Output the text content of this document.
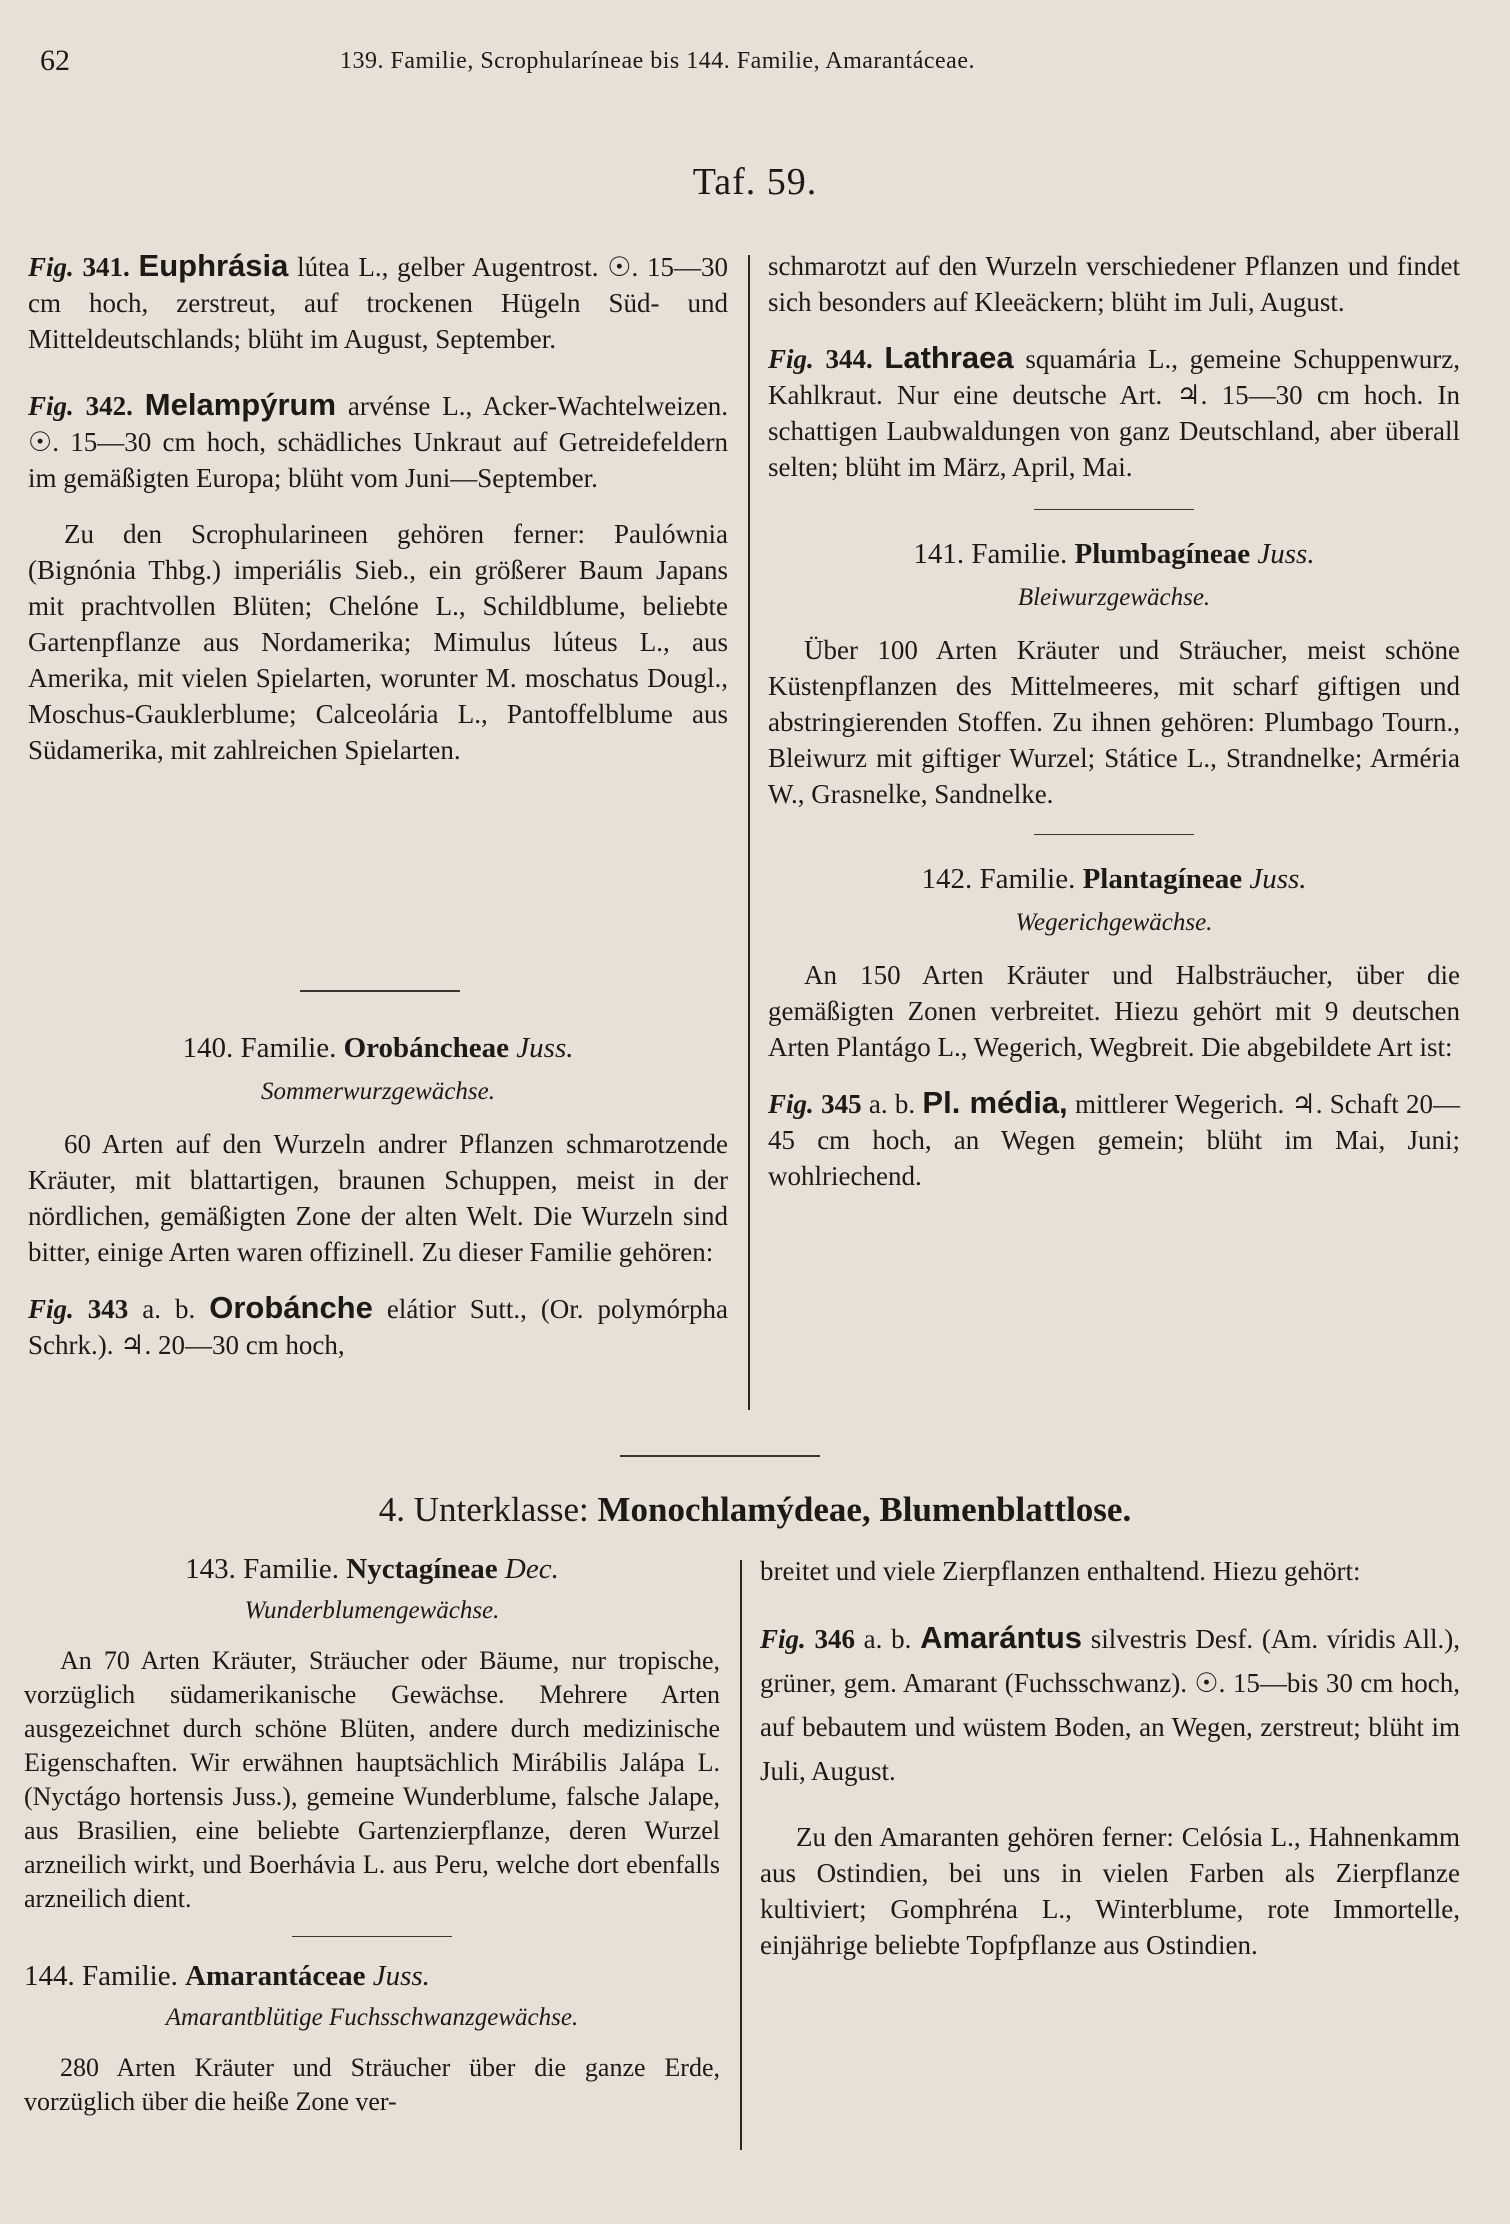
62	139. Familie, Scrophularíneae bis 144. Familie, Amarantáceae.
Taf. 59.

Fig. 341. Euphrásia lútea L., gelber Augentrost. ☉. 15—30 cm hoch, zerstreut, auf trockenen Hügeln Süd- und Mitteldeutschlands; blüht im August, September.

Fig. 342. Melampýrum arvénse L., Acker-Wachtelweizen. ☉. 15—30 cm hoch, schädliches Unkraut auf Getreidefeldern im gemäßigten Europa; blüht vom Juni—September.

Zu den Scrophularineen gehören ferner: Paulównia (Bignónia Thbg.) imperiális Sieb., ein größerer Baum Japans mit prachtvollen Blüten; Chelóne L., Schildblume, beliebte Gartenpflanze aus Nordamerika; Mimulus lúteus L., aus Amerika, mit vielen Spielarten, worunter M. moschatus Dougl., Moschus-Gauklerblume; Calceolária L., Pantoffelblume aus Südamerika, mit zahlreichen Spielarten.

140. Familie. Orobáncheae Juss.
Sommerwurzgewächse.

60 Arten auf den Wurzeln andrer Pflanzen schmarotzende Kräuter, mit blattartigen, braunen Schuppen, meist in der nördlichen, gemäßigten Zone der alten Welt. Die Wurzeln sind bitter, einige Arten waren offizinell. Zu dieser Familie gehören:

Fig. 343 a. b. Orobánche elátior Sutt., (Or. polymórpha Schrk.). ♃. 20—30 cm hoch,

schmarotzt auf den Wurzeln verschiedener Pflanzen und findet sich besonders auf Kleeäckern; blüht im Juli, August.

Fig. 344. Lathraea squamária L., gemeine Schuppenwurz, Kahlkraut. Nur eine deutsche Art. ♃. 15—30 cm hoch. In schattigen Laubwaldungen von ganz Deutschland, aber überall selten; blüht im März, April, Mai.

141. Familie. Plumbagíneae Juss.
Bleiwurzgewächse.

Über 100 Arten Kräuter und Sträucher, meist schöne Küstenpflanzen des Mittelmeeres, mit scharf giftigen und abstringierenden Stoffen. Zu ihnen gehören: Plumbago Tourn., Bleiwurz mit giftiger Wurzel; Státice L., Strandnelke; Arméria W., Grasnelke, Sandnelke.

142. Familie. Plantagíneae Juss.
Wegerichgewächse.

An 150 Arten Kräuter und Halbsträucher, über die gemäßigten Zonen verbreitet. Hiezu gehört mit 9 deutschen Arten Plantágo L., Wegerich, Wegbreit. Die abgebildete Art ist:

Fig. 345 a. b. Pl. média, mittlerer Wegerich. ♃. Schaft 20—45 cm hoch, an Wegen gemein; blüht im Mai, Juni; wohlriechend.

4. Unterklasse: Monochlamýdeae, Blumenblattlose.
143. Familie. Nyctagíneae Dec.
Wunderblumengewächse.

An 70 Arten Kräuter, Sträucher oder Bäume, nur tropische, vorzüglich südamerikanische Gewächse. Mehrere Arten ausgezeichnet durch schöne Blüten, andere durch medizinische Eigenschaften. Wir erwähnen hauptsächlich Mirábilis Jalápa L. (Nyctágo hortensis Juss.), gemeine Wunderblume, falsche Jalape, aus Brasilien, eine beliebte Gartenzierpflanze, deren Wurzel arzneilich wirkt, und Boerhávia L. aus Peru, welche dort ebenfalls arzneilich dient.

144. Familie. Amarantáceae Juss.
Amarantblütige Fuchsschwanzgewächse.

280 Arten Kräuter und Sträucher über die ganze Erde, vorzüglich über die heiße Zone ver-

breitet und viele Zierpflanzen enthaltend. Hiezu gehört:

Fig. 346 a. b. Amarántus silvestris Desf. (Am. víridis All.), grüner, gem. Amarant (Fuchsschwanz). ☉. 15—bis 30 cm hoch, auf bebautem und wüstem Boden, an Wegen, zerstreut; blüht im Juli, August.

Zu den Amaranten gehören ferner: Celósia L., Hahnenkamm aus Ostindien, bei uns in vielen Farben als Zierpflanze kultiviert; Gomphréna L., Winterblume, rote Immortelle, einjährige beliebte Topfpflanze aus Ostindien.
